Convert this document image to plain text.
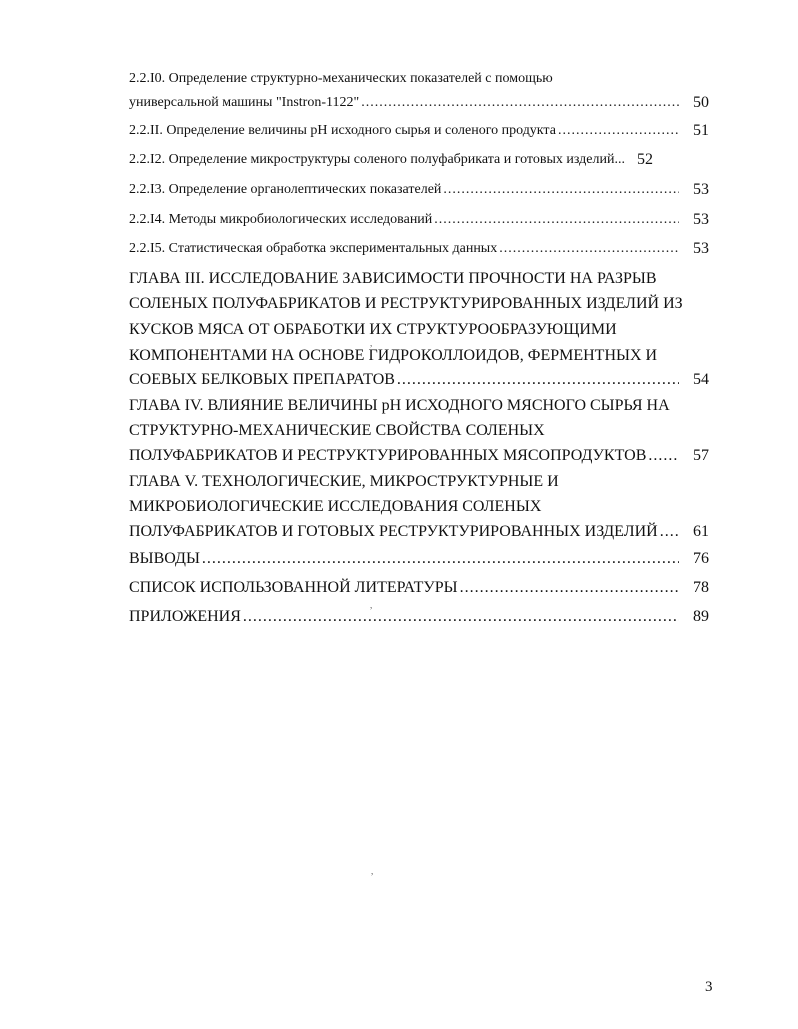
2.2.I0. Определение структурно-механических показателей с помощью
универсальной машины "Instron-1122" .....	50
2.2.II. Определение величины рН исходного сырья и соленого продукта .....	51
2.2.I2. Определение микроструктуры соленого полуфабриката и готовых изделий... 52
2.2.I3. Определение органолептических показателей .....	53
2.2.I4. Методы микробиологических исследований .....	53
2.2.I5. Статистическая обработка экспериментальных данных .....	53
ГЛАВА III. ИССЛЕДОВАНИЕ ЗАВИСИМОСТИ ПРОЧНОСТИ НА РАЗРЫВ
СОЛЕНЫХ ПОЛУФАБРИКАТОВ И РЕСТРУКТУРИРОВАННЫХ ИЗДЕЛИЙ ИЗ
КУСКОВ МЯСА ОТ ОБРАБОТКИ ИХ СТРУКТУРООБРАЗУЮЩИМИ
КОМПОНЕНТАМИ НА ОСНОВЕ ГИДРОКОЛЛОИДОВ, ФЕРМЕНТНЫХ И
СОЕВЫХ БЕЛКОВЫХ ПРЕПАРАТОВ .....	54
ГЛАВА IV. ВЛИЯНИЕ ВЕЛИЧИНЫ рН ИСХОДНОГО МЯСНОГО СЫРЬЯ НА
СТРУКТУРНО-МЕХАНИЧЕСКИЕ СВОЙСТВА СОЛЕНЫХ
ПОЛУФАБРИКАТОВ И РЕСТРУКТУРИРОВАННЫХ МЯСОПРОДУКТОВ .....	57
ГЛАВА V. ТЕХНОЛОГИЧЕСКИЕ, МИКРОСТРУКТУРНЫЕ И
МИКРОБИОЛОГИЧЕСКИЕ ИССЛЕДОВАНИЯ СОЛЕНЫХ
ПОЛУФАБРИКАТОВ И ГОТОВЫХ РЕСТРУКТУРИРОВАННЫХ ИЗДЕЛИЙ .....	61
ВЫВОДЫ .....	76
СПИСОК ИСПОЛЬЗОВАННОЙ ЛИТЕРАТУРЫ .....	78
ПРИЛОЖЕНИЯ .....	89
,
,
,
3
